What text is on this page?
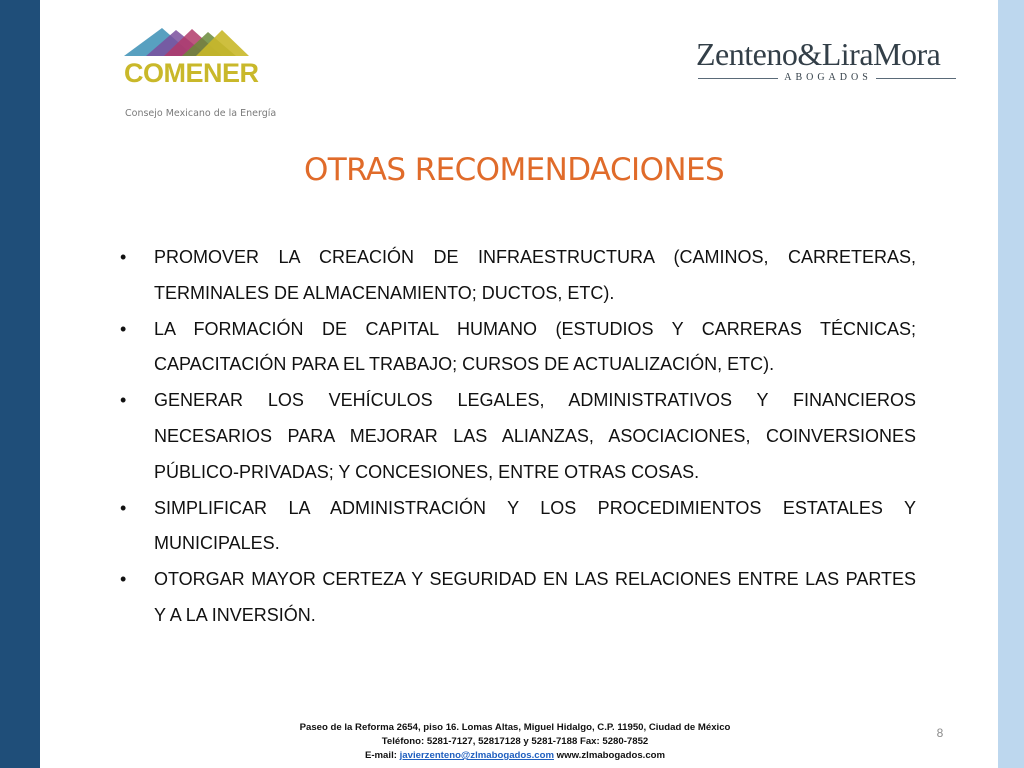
COMENER
Consejo Mexicano de la Energía
Zenteno&LiraMora
ABOGADOS
OTRAS RECOMENDACIONES
• PROMOVER LA CREACIÓN DE INFRAESTRUCTURA (CAMINOS, CARRETERAS, TERMINALES DE ALMACENAMIENTO; DUCTOS, ETC).
• LA FORMACIÓN DE CAPITAL HUMANO (ESTUDIOS Y CARRERAS TÉCNICAS; CAPACITACIÓN PARA EL TRABAJO; CURSOS DE ACTUALIZACIÓN, ETC).
• GENERAR LOS VEHÍCULOS LEGALES, ADMINISTRATIVOS Y FINANCIEROS NECESARIOS PARA MEJORAR LAS ALIANZAS, ASOCIACIONES, COINVERSIONES PÚBLICO-PRIVADAS; Y CONCESIONES, ENTRE OTRAS COSAS.
• SIMPLIFICAR LA ADMINISTRACIÓN Y LOS PROCEDIMIENTOS ESTATALES Y MUNICIPALES.
• OTORGAR MAYOR CERTEZA Y SEGURIDAD EN LAS RELACIONES ENTRE LAS PARTES Y A LA INVERSIÓN.
Paseo de la Reforma 2654, piso 16. Lomas Altas, Miguel Hidalgo, C.P. 11950, Ciudad de México
Teléfono: 5281-7127, 52817128 y 5281-7188 Fax: 5280-7852
E-mail: javierzenteno@zlmabogados.com www.zlmabogados.com
8
